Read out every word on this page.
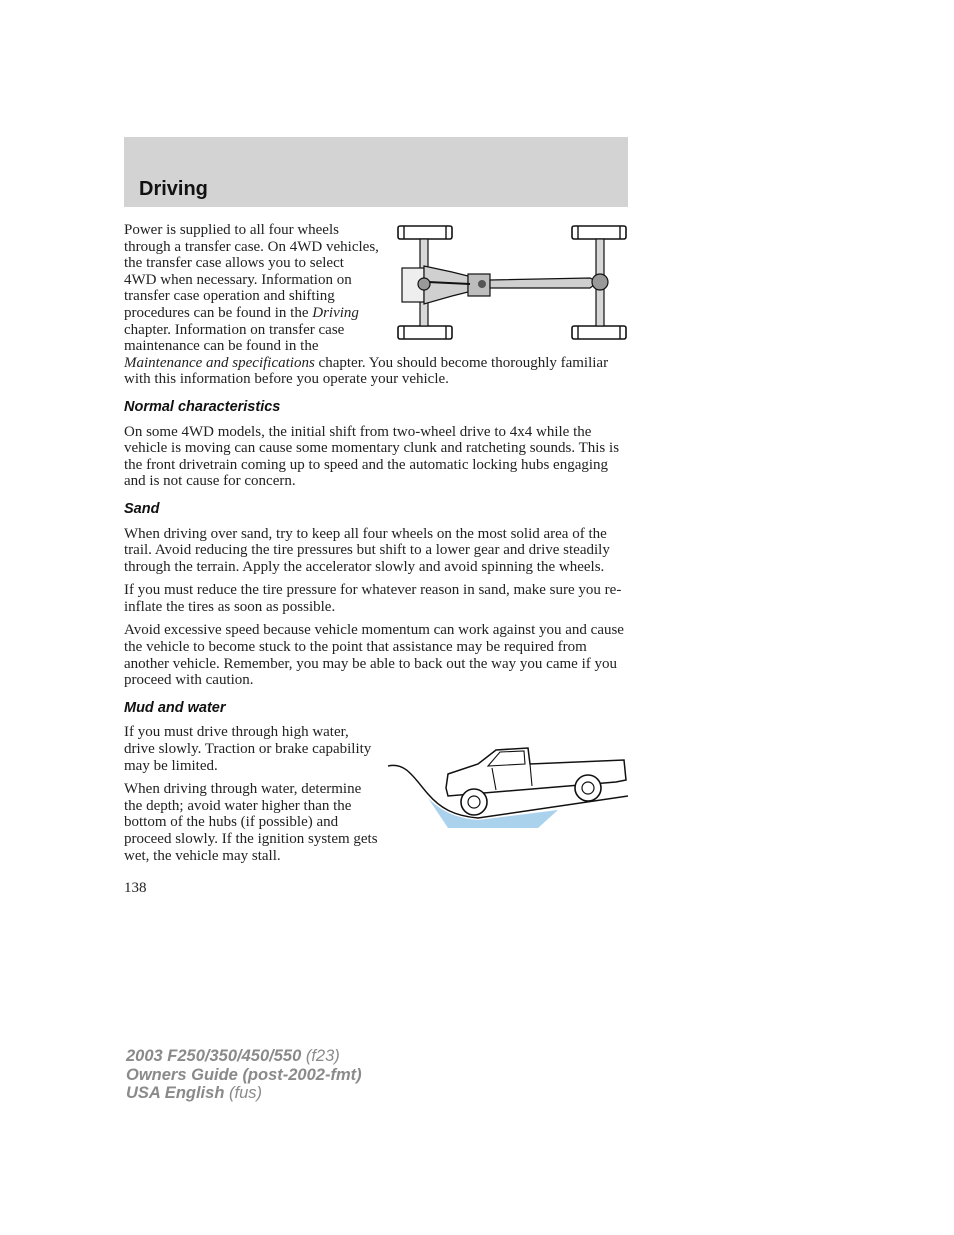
Driving

Power is supplied to all four wheels through a transfer case. On 4WD vehicles, the transfer case allows you to select 4WD when necessary. Information on transfer case operation and shifting procedures can be found in the Driving chapter. Information on transfer case maintenance can be found in the Maintenance and specifications chapter. You should become thoroughly familiar with this information before you operate your vehicle.

Normal characteristics

On some 4WD models, the initial shift from two-wheel drive to 4x4 while the vehicle is moving can cause some momentary clunk and ratcheting sounds. This is the front drivetrain coming up to speed and the automatic locking hubs engaging and is not cause for concern.

Sand

When driving over sand, try to keep all four wheels on the most solid area of the trail. Avoid reducing the tire pressures but shift to a lower gear and drive steadily through the terrain. Apply the accelerator slowly and avoid spinning the wheels.

If you must reduce the tire pressure for whatever reason in sand, make sure you re-inflate the tires as soon as possible.

Avoid excessive speed because vehicle momentum can work against you and cause the vehicle to become stuck to the point that assistance may be required from another vehicle. Remember, you may be able to back out the way you came if you proceed with caution.

Mud and water

If you must drive through high water, drive slowly. Traction or brake capability may be limited.

When driving through water, determine the depth; avoid water higher than the bottom of the hubs (if possible) and proceed slowly. If the ignition system gets wet, the vehicle may stall.

138
2003 F250/350/450/550 (f23)
Owners Guide (post-2002-fmt)
USA English (fus)
